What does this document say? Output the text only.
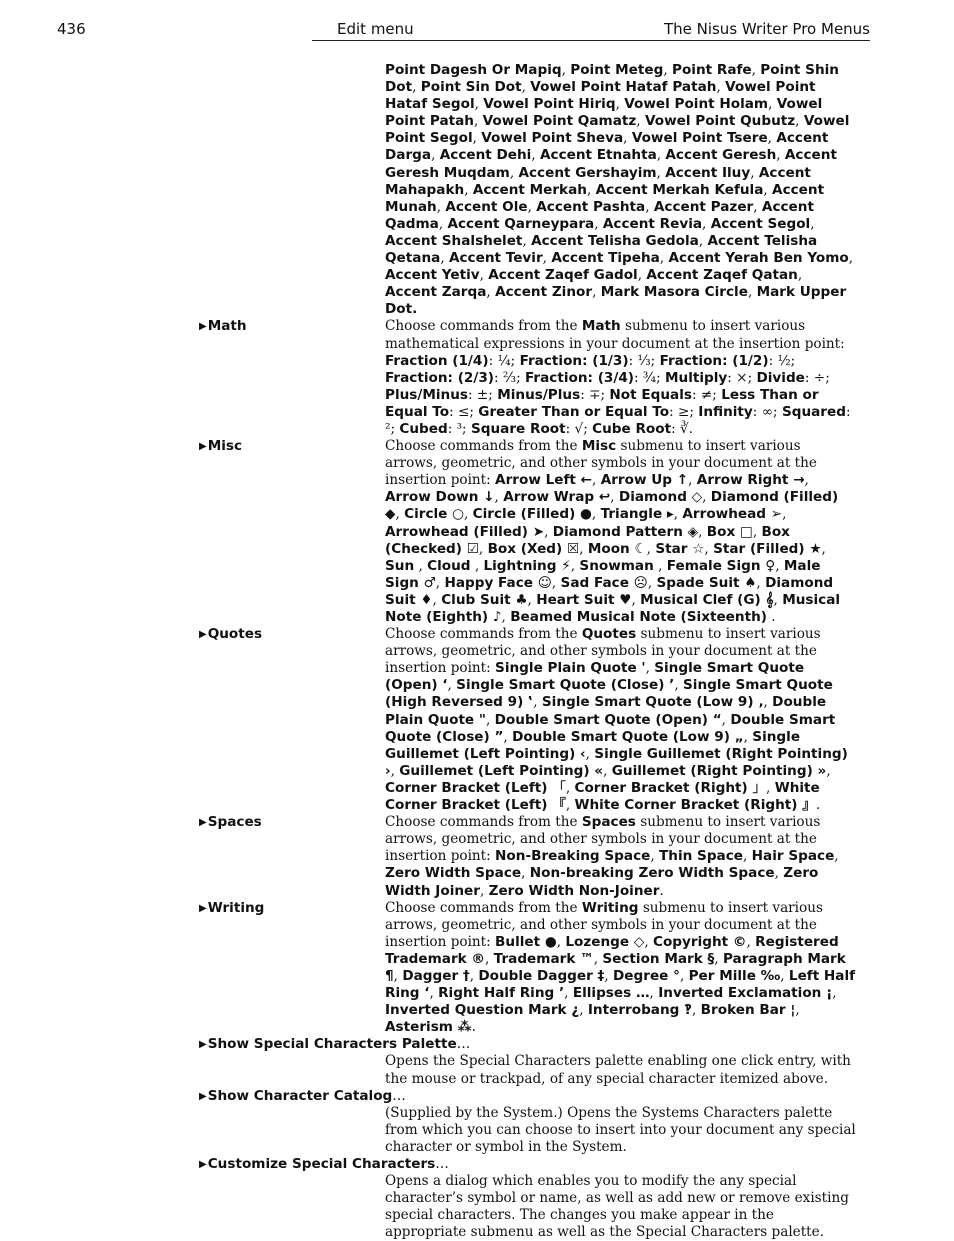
436	Edit menu	The Nisus Writer Pro Menus
Point Dagesh Or Mapiq, Point Meteg, Point Rafe, Point Shin Dot, Point Sin Dot, Vowel Point Hataf Patah, Vowel Point Hataf Segol, Vowel Point Hiriq, Vowel Point Holam, Vowel Point Patah, Vowel Point Qamatz, Vowel Point Qubutz, Vowel Point Segol, Vowel Point Sheva, Vowel Point Tsere, Accent Darga, Accent Dehi, Accent Etnahta, Accent Geresh, Accent Geresh Muqdam, Accent Gershayim, Accent Iluy, Accent Mahapakh, Accent Merkah, Accent Merkah Kefula, Accent Munah, Accent Ole, Accent Pashta, Accent Pazer, Accent Qadma, Accent Qarneypara, Accent Revia, Accent Segol, Accent Shalshelet, Accent Telisha Gedola, Accent Telisha Qetana, Accent Tevir, Accent Tipeha, Accent Yerah Ben Yomo, Accent Yetiv, Accent Zaqef Gadol, Accent Zaqef Qatan, Accent Zarqa, Accent Zinor, Mark Masora Circle, Mark Upper Dot.
▶Math	Choose commands from the Math submenu to insert various mathematical expressions in your document at the insertion point: Fraction (1/4): ¼; Fraction: (1/3): ⅓; Fraction: (1/2): ½; Fraction: (2/3): ⅔; Fraction: (3/4): ¾; Multiply: ×; Divide: ÷; Plus/Minus: ±; Minus/Plus: ∓; Not Equals: ≠; Less Than or Equal To: ≤; Greater Than or Equal To: ≥; Infinity: ∞; Squared: ²; Cubed: ³; Square Root: √; Cube Root: ∛.
▶Misc	Choose commands from the Misc submenu to insert various arrows, geometric, and other symbols in your document at the insertion point: Arrow Left ←, Arrow Up ↑, Arrow Right →, Arrow Down ↓, Arrow Wrap ↩, Diamond ◇, Diamond (Filled) ◆, Circle ○, Circle (Filled) ●, Triangle ▸, Arrowhead ➢, Arrowhead (Filled) ➤, Diamond Pattern ◈, Box □, Box (Checked) ☑, Box (Xed) ☒, Moon ☾, Star ☆, Star (Filled) ★, Sun , Cloud , Lightning ⚡, Snowman , Female Sign ♀, Male Sign ♂, Happy Face ☺, Sad Face ☹, Spade Suit ♠, Diamond Suit ♦, Club Suit ♣, Heart Suit ♥, Musical Clef (G) 𝄞, Musical Note (Eighth) ♪, Beamed Musical Note (Sixteenth) .
▶Quotes	Choose commands from the Quotes submenu to insert various arrows, geometric, and other symbols in your document at the insertion point: Single Plain Quote ', Single Smart Quote (Open) ‘, Single Smart Quote (Close) ’, Single Smart Quote (High Reversed 9) ‛, Single Smart Quote (Low 9) ‚, Double Plain Quote ", Double Smart Quote (Open) “, Double Smart Quote (Close) ”, Double Smart Quote (Low 9) „, Single Guillemet (Left Pointing) ‹, Single Guillemet (Right Pointing) ›, Guillemet (Left Pointing) «, Guillemet (Right Pointing) », Corner Bracket (Left) 「, Corner Bracket (Right) 」, White Corner Bracket (Left) 『, White Corner Bracket (Right) 』.
▶Spaces	Choose commands from the Spaces submenu to insert various arrows, geometric, and other symbols in your document at the insertion point: Non-Breaking Space, Thin Space, Hair Space, Zero Width Space, Non-breaking Zero Width Space, Zero Width Joiner, Zero Width Non-Joiner.
▶Writing	Choose commands from the Writing submenu to insert various arrows, geometric, and other symbols in your document at the insertion point: Bullet ●, Lozenge ◇, Copyright ©, Registered Trademark ®, Trademark ™, Section Mark §, Paragraph Mark ¶, Dagger †, Double Dagger ‡, Degree °, Per Mille ‰, Left Half Ring ‘, Right Half Ring ’, Ellipses …, Inverted Exclamation ¡, Inverted Question Mark ¿, Interrobang ‽, Broken Bar ¦, Asterism ⁂.
▶Show Special Characters Palette…
Opens the Special Characters palette enabling one click entry, with the mouse or trackpad, of any special character itemized above.
▶Show Character Catalog…
(Supplied by the System.) Opens the Systems Characters palette from which you can choose to insert into your document any special character or symbol in the System.
▶Customize Special Characters…
Opens a dialog which enables you to modify the any special character’s symbol or name, as well as add new or remove existing special characters. The changes you make appear in the appropriate submenu as well as the Special Characters palette.
